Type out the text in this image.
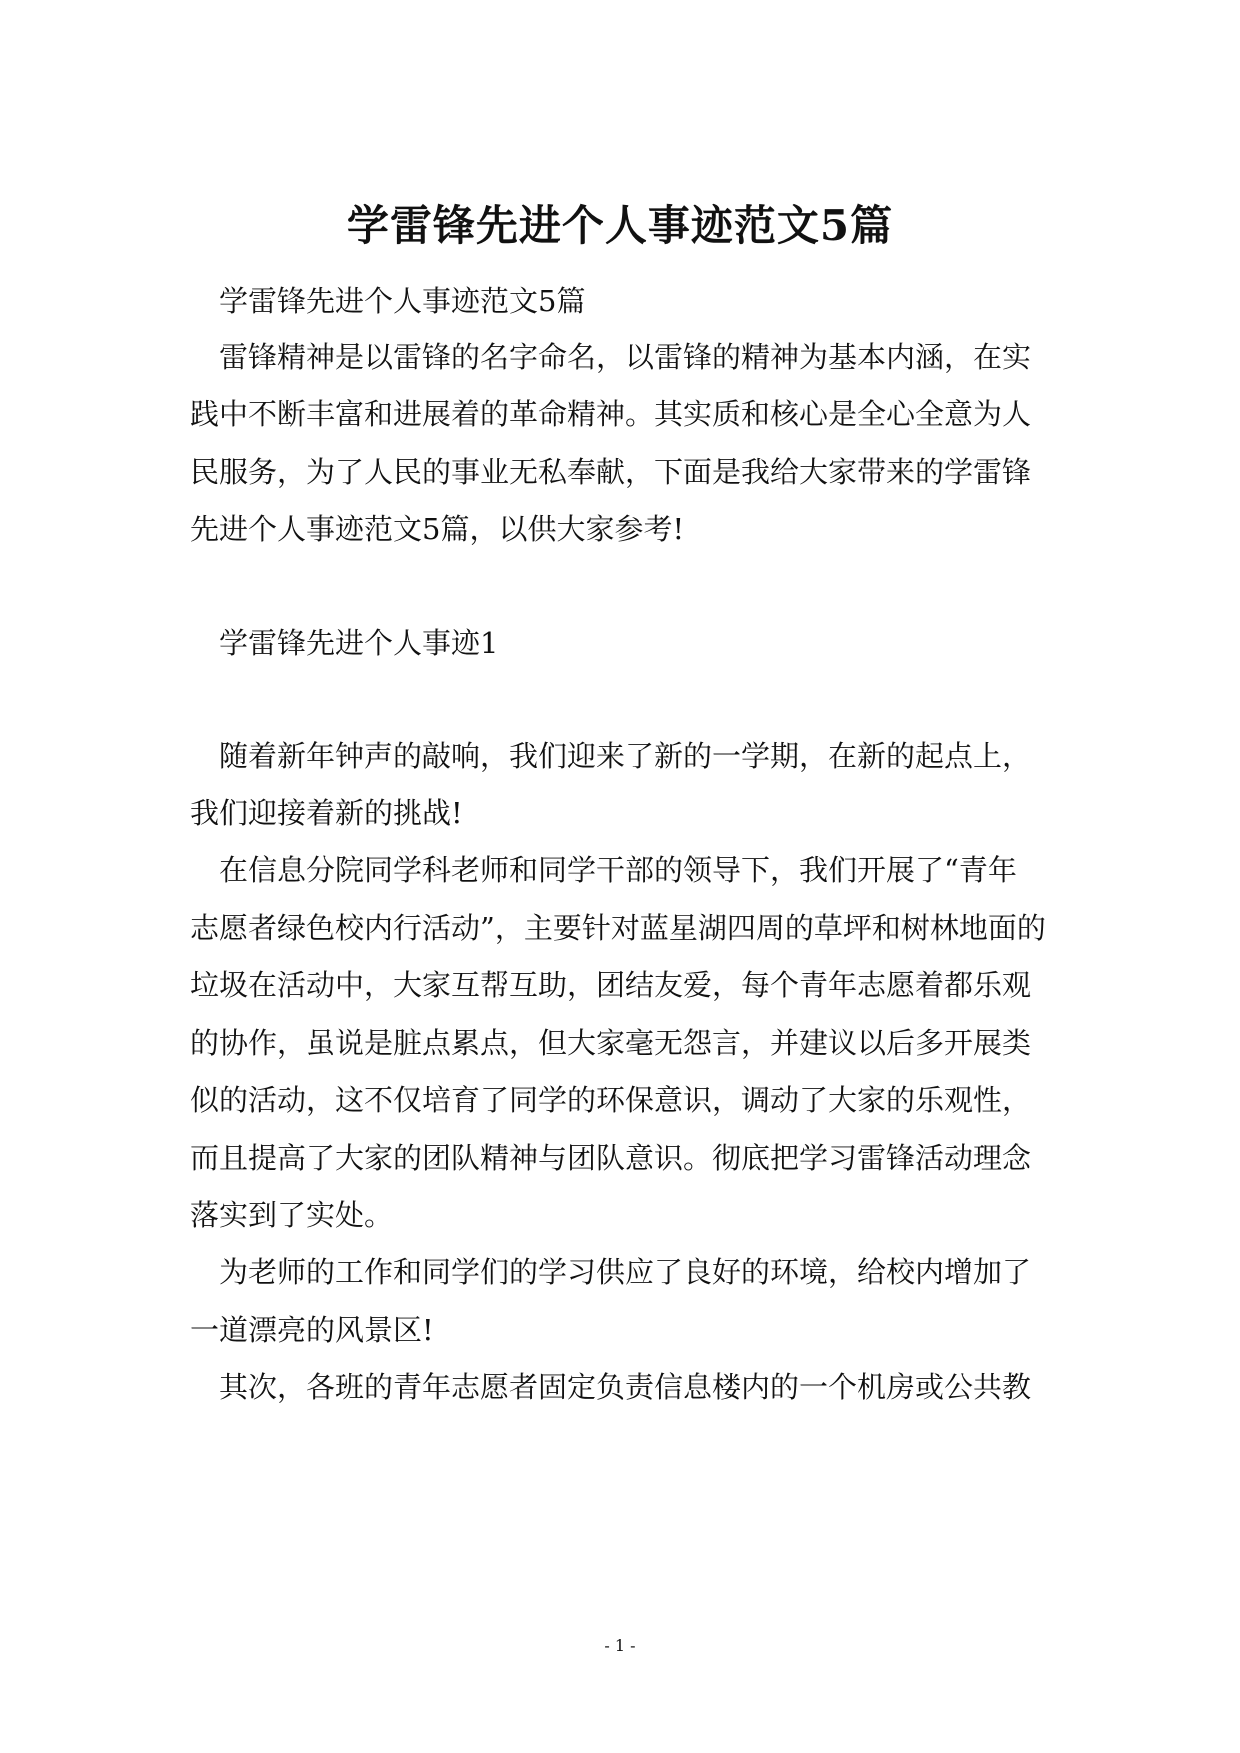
学雷锋先进个人事迹范文5篇
学雷锋先进个人事迹范文5篇
雷锋精神是以雷锋的名字命名，以雷锋的精神为基本内涵，在实
践中不断丰富和进展着的革命精神。其实质和核心是全心全意为人
民服务，为了人民的事业无私奉献，下面是我给大家带来的学雷锋
先进个人事迹范文5篇，以供大家参考!
学雷锋先进个人事迹1
随着新年钟声的敲响，我们迎来了新的一学期，在新的起点上，
我们迎接着新的挑战!
在信息分院同学科老师和同学干部的领导下，我们开展了“青年
志愿者绿色校内行活动”，主要针对蓝星湖四周的草坪和树林地面的
垃圾在活动中，大家互帮互助，团结友爱，每个青年志愿着都乐观
的协作，虽说是脏点累点，但大家毫无怨言，并建议以后多开展类
似的活动，这不仅培育了同学的环保意识，调动了大家的乐观性，
而且提高了大家的团队精神与团队意识。彻底把学习雷锋活动理念
落实到了实处。
为老师的工作和同学们的学习供应了良好的环境，给校内增加了
一道漂亮的风景区!
其次，各班的青年志愿者固定负责信息楼内的一个机房或公共教
- 1 -
